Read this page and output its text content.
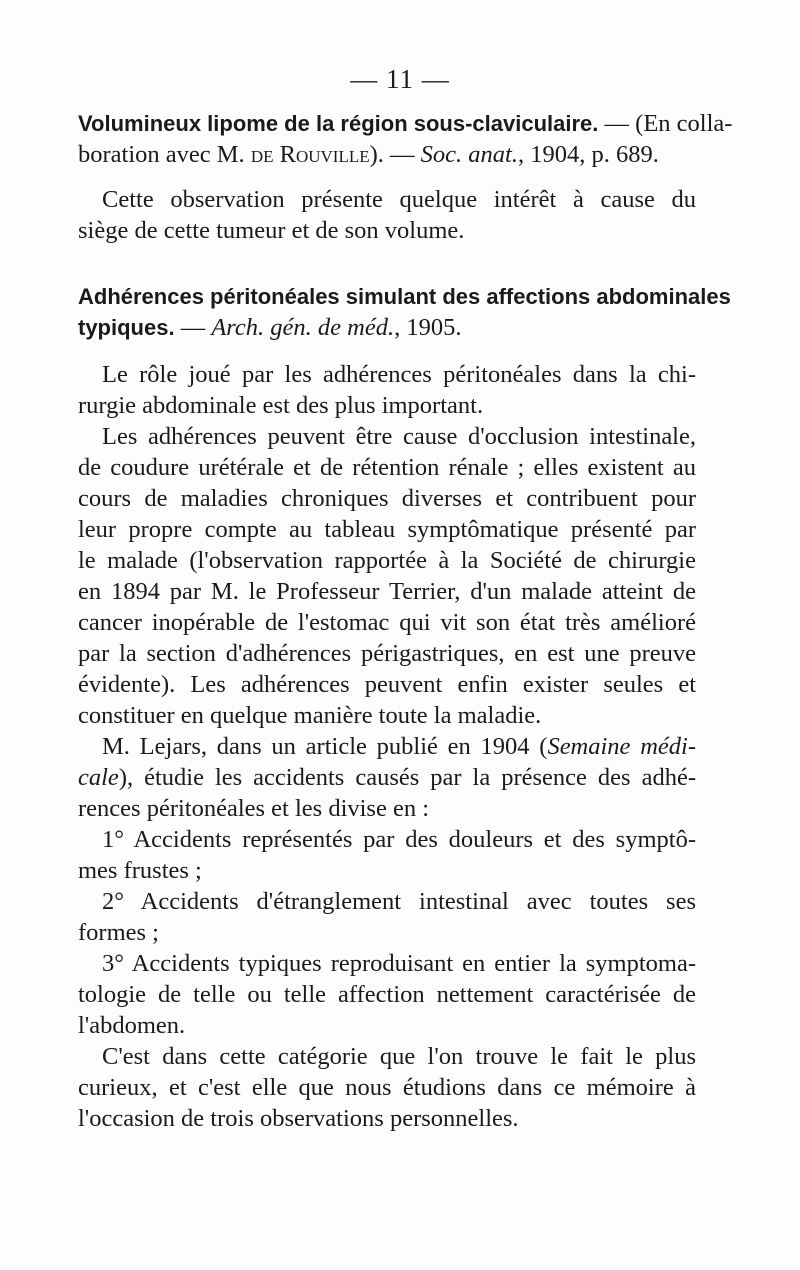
— 11 —
Volumineux lipome de la région sous-claviculaire. — (En colla-
boration avec M. de Rouville). — Soc. anat., 1904, p. 689.
Cette observation présente quelque intérêt à cause du
siège de cette tumeur et de son volume.
Adhérences péritonéales simulant des affections abdominales
typiques. — Arch. gén. de méd., 1905.
Le rôle joué par les adhérences péritonéales dans la chi-
rurgie abdominale est des plus important.
Les adhérences peuvent être cause d'occlusion intestinale,
de coudure urétérale et de rétention rénale ; elles existent au
cours de maladies chroniques diverses et contribuent pour
leur propre compte au tableau symptômatique présenté par
le malade (l'observation rapportée à la Société de chirurgie
en 1894 par M. le Professeur Terrier, d'un malade atteint de
cancer inopérable de l'estomac qui vit son état très amélioré
par la section d'adhérences périgastriques, en est une preuve
évidente). Les adhérences peuvent enfin exister seules et
constituer en quelque manière toute la maladie.
M. Lejars, dans un article publié en 1904 (Semaine médi-
cale), étudie les accidents causés par la présence des adhé-
rences péritonéales et les divise en :
1° Accidents représentés par des douleurs et des symptô-
mes frustes ;
2° Accidents d'étranglement intestinal avec toutes ses
formes ;
3° Accidents typiques reproduisant en entier la symptoma-
tologie de telle ou telle affection nettement caractérisée de
l'abdomen.
C'est dans cette catégorie que l'on trouve le fait le plus
curieux, et c'est elle que nous étudions dans ce mémoire à
l'occasion de trois observations personnelles.
